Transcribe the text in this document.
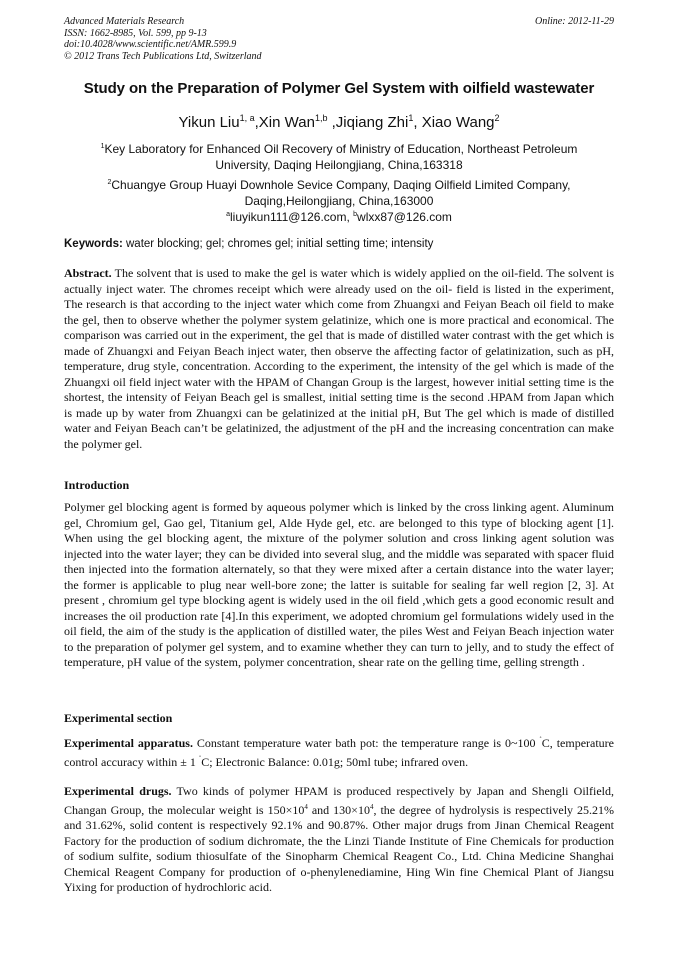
Advanced Materials Research
ISSN: 1662-8985, Vol. 599, pp 9-13
doi:10.4028/www.scientific.net/AMR.599.9
© 2012 Trans Tech Publications Ltd, Switzerland
Online: 2012-11-29
Study on the Preparation of Polymer Gel System with oilfield wastewater
Yikun Liu$^{1, a}$,Xin Wan$^{1,b}$ ,Jiqiang Zhi$^1$, Xiao Wang$^2$
$^1$Key Laboratory for Enhanced Oil Recovery of Ministry of Education, Northeast Petroleum
University, Daqing Heilongjiang, China,163318
$^2$Chuangye Group Huayi Downhole Sevice Company, Daqing Oilfield Limited Company,
Daqing,Heilongjiang, China,163000
$^a$liuyikun111@126.com, $^b$wlxx87@126.com
Keywords: water blocking; gel; chromes gel; initial setting time; intensity
Abstract. The solvent that is used to make the gel is water which is widely applied on the oil-field. The solvent is actually inject water. The chromes receipt which were already used on the oil- field is listed in the experiment, The research is that according to the inject water which come from Zhuangxi and Feiyan Beach oil field to make the gel, then to observe whether the polymer system gelatinize, which one is more practical and economical. The comparison was carried out in the experiment, the gel that is made of distilled water contrast with the get which is made of Zhuangxi and Feiyan Beach inject water, then observe the affecting factor of gelatinization, such as pH, temperature, drug style, concentration. According to the experiment, the intensity of the gel which is made of the Zhuangxi oil field inject water with the HPAM of Changan Group is the largest, however initial setting time is the shortest, the intensity of Feiyan Beach gel is smallest, initial setting time is the second .HPAM from Japan which is made up by water from Zhuangxi can be gelatinized at the initial pH, But The gel which is made of distilled water and Feiyan Beach can’t be gelatinized, the adjustment of the pH and the increasing concentration can make the polymer gel.
Introduction
Polymer gel blocking agent is formed by aqueous polymer which is linked by the cross linking agent. Aluminum gel, Chromium gel, Gao gel, Titanium gel, Alde Hyde gel, etc. are belonged to this type of blocking agent [1]. When using the gel blocking agent, the mixture of the polymer solution and cross linking agent solution was injected into the water layer; they can be divided into several slug, and the middle was separated with spacer fluid then injected into the formation alternately, so that they were mixed after a certain distance into the water layer; the former is applicable to plug near well-bore zone; the latter is suitable for sealing far well region [2, 3]. At present , chromium gel type blocking agent is widely used in the oil field ,which gets a good economic result and increases the oil production rate [4].In this experiment, we adopted chromium gel formulations widely used in the oil field, the aim of the study is the application of distilled water, the piles West and Feiyan Beach injection water to the preparation of polymer gel system, and to examine whether they can turn to jelly, and to study the effect of temperature, pH value of the system, polymer concentration, shear rate on the gelling time, gelling strength .
Experimental section
Experimental apparatus. Constant temperature water bath pot: the temperature range is 0~100 ˚C, temperature control accuracy within ± 1 ˚C; Electronic Balance: 0.01g; 50ml tube; infrared oven.
Experimental drugs. Two kinds of polymer HPAM is produced respectively by Japan and Shengli Oilfield, Changan Group, the molecular weight is $150\times 10^4$ and $130\times 10^4$, the degree of hydrolysis is respectively 25.21% and 31.62%, solid content is respectively 92.1% and 90.87%. Other major drugs from Jinan Chemical Reagent Factory for the production of sodium dichromate, the the Linzi Tiande Institute of Fine Chemicals for production of sodium sulfite, sodium thiosulfate of the Sinopharm Chemical Reagent Co., Ltd. China Medicine Shanghai Chemical Reagent Company for production of o-phenylenediamine, Hing Win fine Chemical Plant of Jiangsu Yixing for production of hydrochloric acid.
